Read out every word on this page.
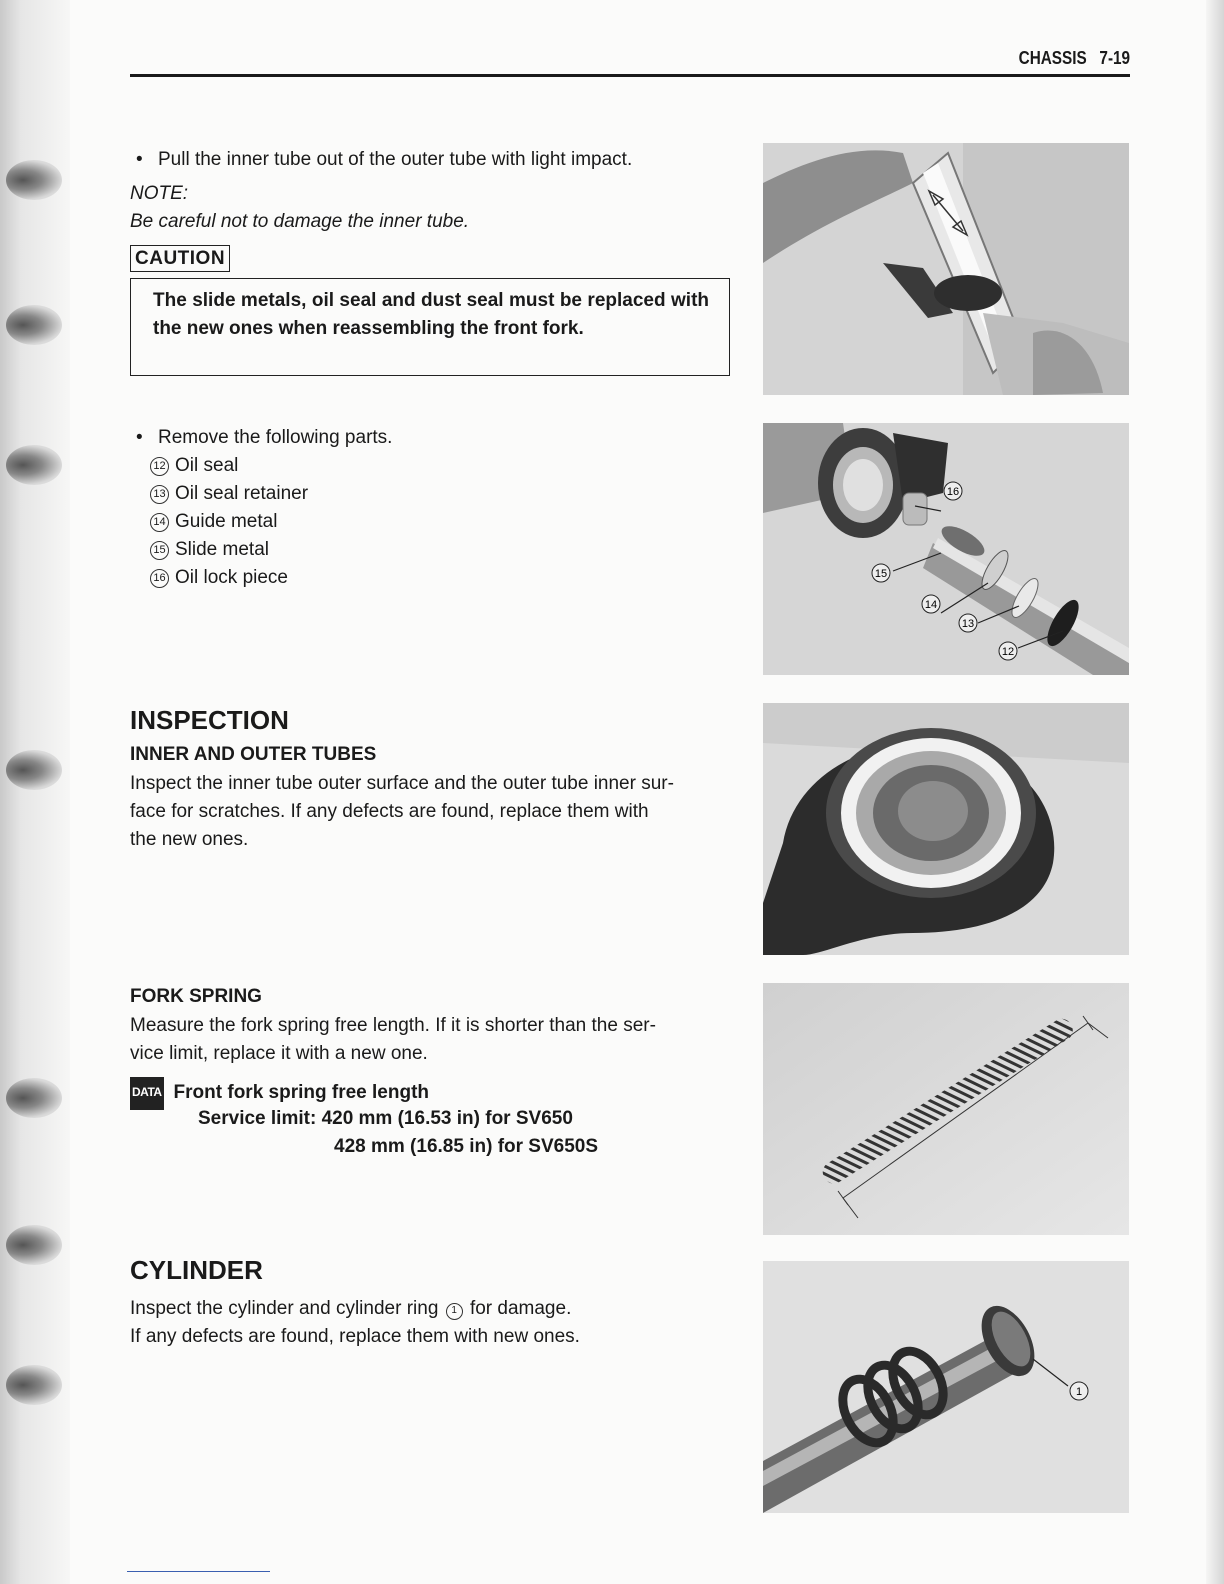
CHASSIS 7-19
• Pull the inner tube out of the outer tube with light impact.
NOTE:
Be careful not to damage the inner tube.
CAUTION
The slide metals, oil seal and dust seal must be replaced with the new ones when reassembling the front fork.
• Remove the following parts.
12 Oil seal
13 Oil seal retainer
14 Guide metal
15 Slide metal
16 Oil lock piece
INSPECTION
INNER AND OUTER TUBES
Inspect the inner tube outer surface and the outer tube inner sur-
face for scratches. If any defects are found, replace them with
the new ones.
FORK SPRING
Measure the fork spring free length. If it is shorter than the ser-
vice limit, replace it with a new one.
DATA Front fork spring free length
Service limit: 420 mm (16.53 in) for SV650
428 mm (16.85 in) for SV650S
CYLINDER
Inspect the cylinder and cylinder ring 1 for damage.
If any defects are found, replace them with new ones.
16
15
14
13
12
1
